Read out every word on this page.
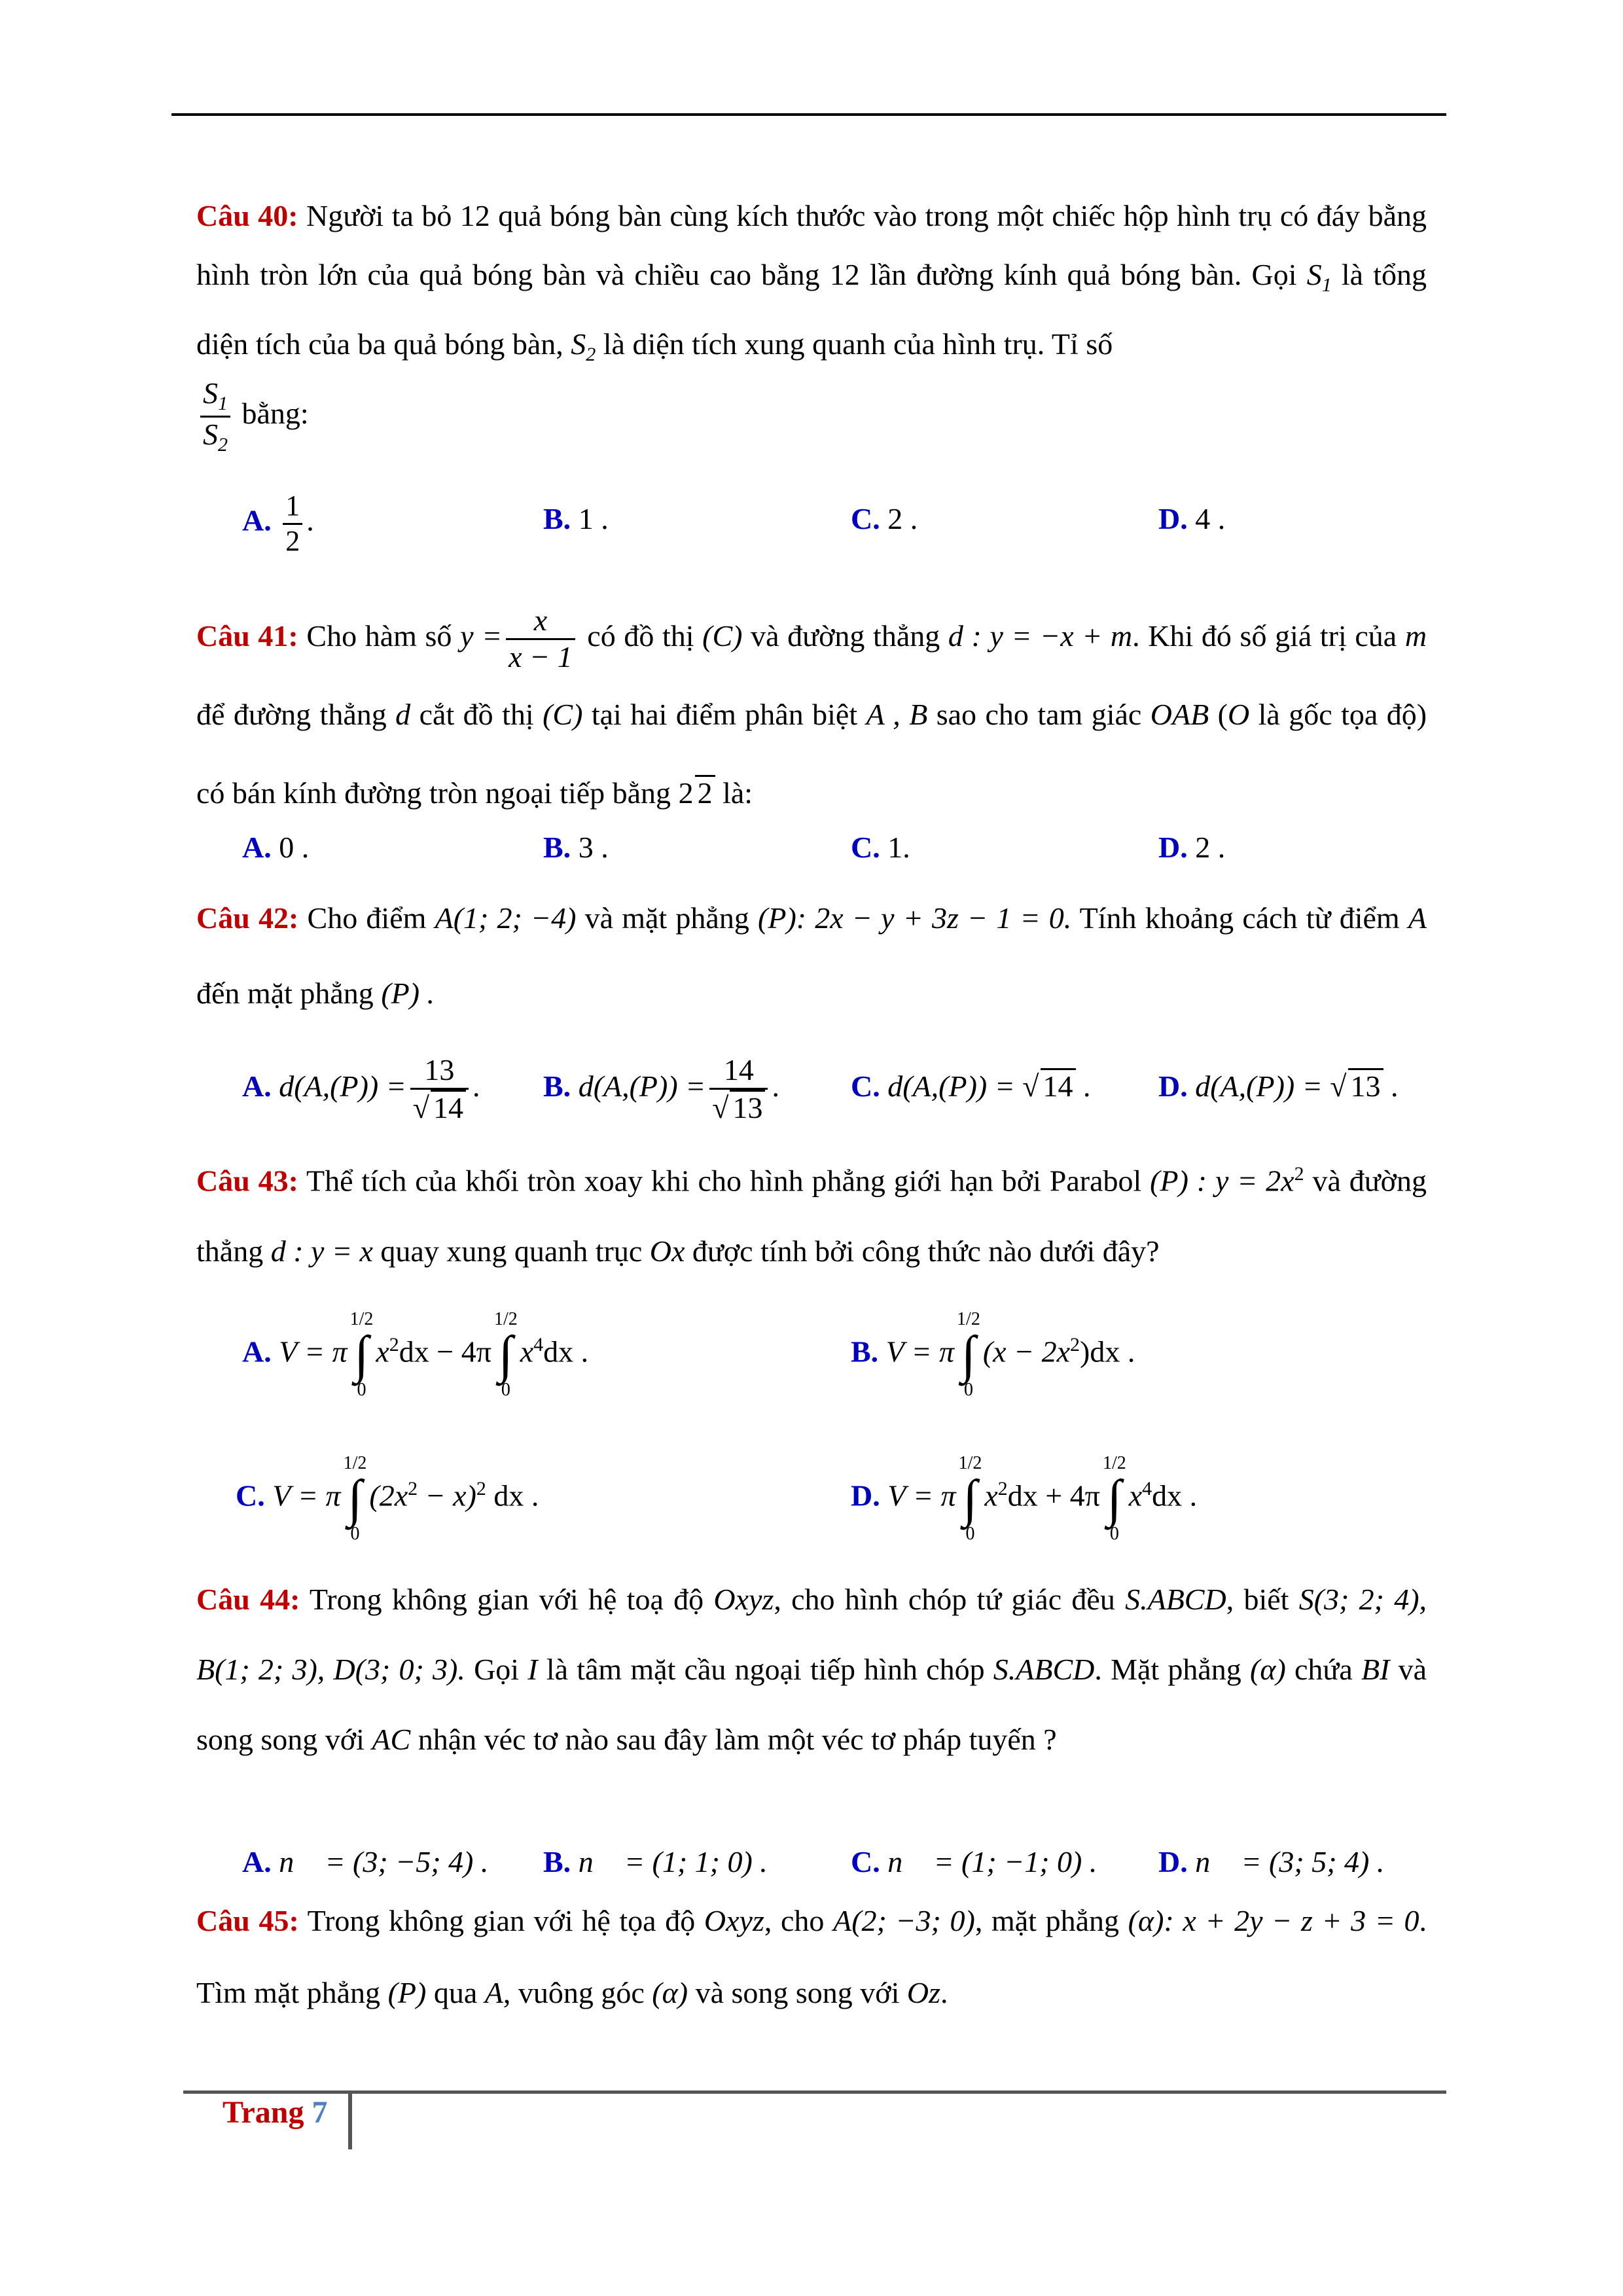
Câu 40: Người ta bỏ 12 quả bóng bàn cùng kích thước vào trong một chiếc hộp hình trụ có đáy bằng hình tròn lớn của quả bóng bàn và chiều cao bằng 12 lần đường kính quả bóng bàn. Gọi $S_1$ là tổng diện tích của ba quả bóng bàn, $S_2$ là diện tích xung quanh của hình trụ. Tỉ số
$\frac{S_1}{S_2}$ bằng:
A. $\frac{1}{2}$ .	B. 1 .	C. 2 .	D. 4 .
Câu 41: Cho hàm số $y = \frac{x}{x - 1}$ có đồ thị (C) và đường thẳng d : y = −x + m. Khi đó số giá trị của m để đường thẳng d cắt đồ thị (C) tại hai điểm phân biệt A , B sao cho tam giác OAB (O là gốc tọa độ) có bán kính đường tròn ngoại tiếp bằng 2 2 là:
A. 0 .	B. 3 .	C. 1.	D. 2 .
Câu 42: Cho điểm A(1; 2; −4) và mặt phẳng (P): 2x − y + 3z − 1 = 0. Tính khoảng cách từ điểm A đến mặt phẳng (P) .
A. $d(A,(P)) = \frac{13}{√ 14}$ . B. $d(A,(P)) = \frac{14}{√ 13}$ . C. d(A,(P)) = √ 14 . D. d(A,(P)) = √ 13 .
Câu 43: Thể tích của khối tròn xoay khi cho hình phẳng giới hạn bởi Parabol (P) : $y = 2x^2$ và đường thẳng d : y = x quay xung quanh trục Ox được tính bởi công thức nào dưới đây?
A. V = π
1/2
∫
0
$x^2dx - 4\pi$
1/2
∫
0
$x^4dx$ .	B. V = π
1/2
∫
0
$(x - 2x^2)dx$ .
C. V = π
1/2
∫
0
$(2x^2 - x)^2$ dx .	D. V = π
1/2
∫
0
$x^2dx + 4\pi$
1/2
∫
0
$x^4dx$ .
Câu 44: Trong không gian với hệ toạ độ Oxyz, cho hình chóp tứ giác đều S.ABCD, biết S(3; 2; 4), B(1; 2; 3), D(3; 0; 3). Gọi I là tâm mặt cầu ngoại tiếp hình chóp S.ABCD. Mặt phẳng (α) chứa BI và song song với AC nhận véc tơ nào sau đây làm một véc tơ pháp tuyến ?
A. n⃗ = (3; −5; 4) . B. n⃗ = (1; 1; 0) .	C. n⃗ = (1; −1; 0) . D. n⃗ = (3; 5; 4) .
Câu 45: Trong không gian với hệ tọa độ Oxyz, cho A(2; −3; 0), mặt phẳng (α): x + 2y − z + 3 = 0. Tìm mặt phẳng (P) qua A, vuông góc (α) và song song với Oz.
Trang 7
